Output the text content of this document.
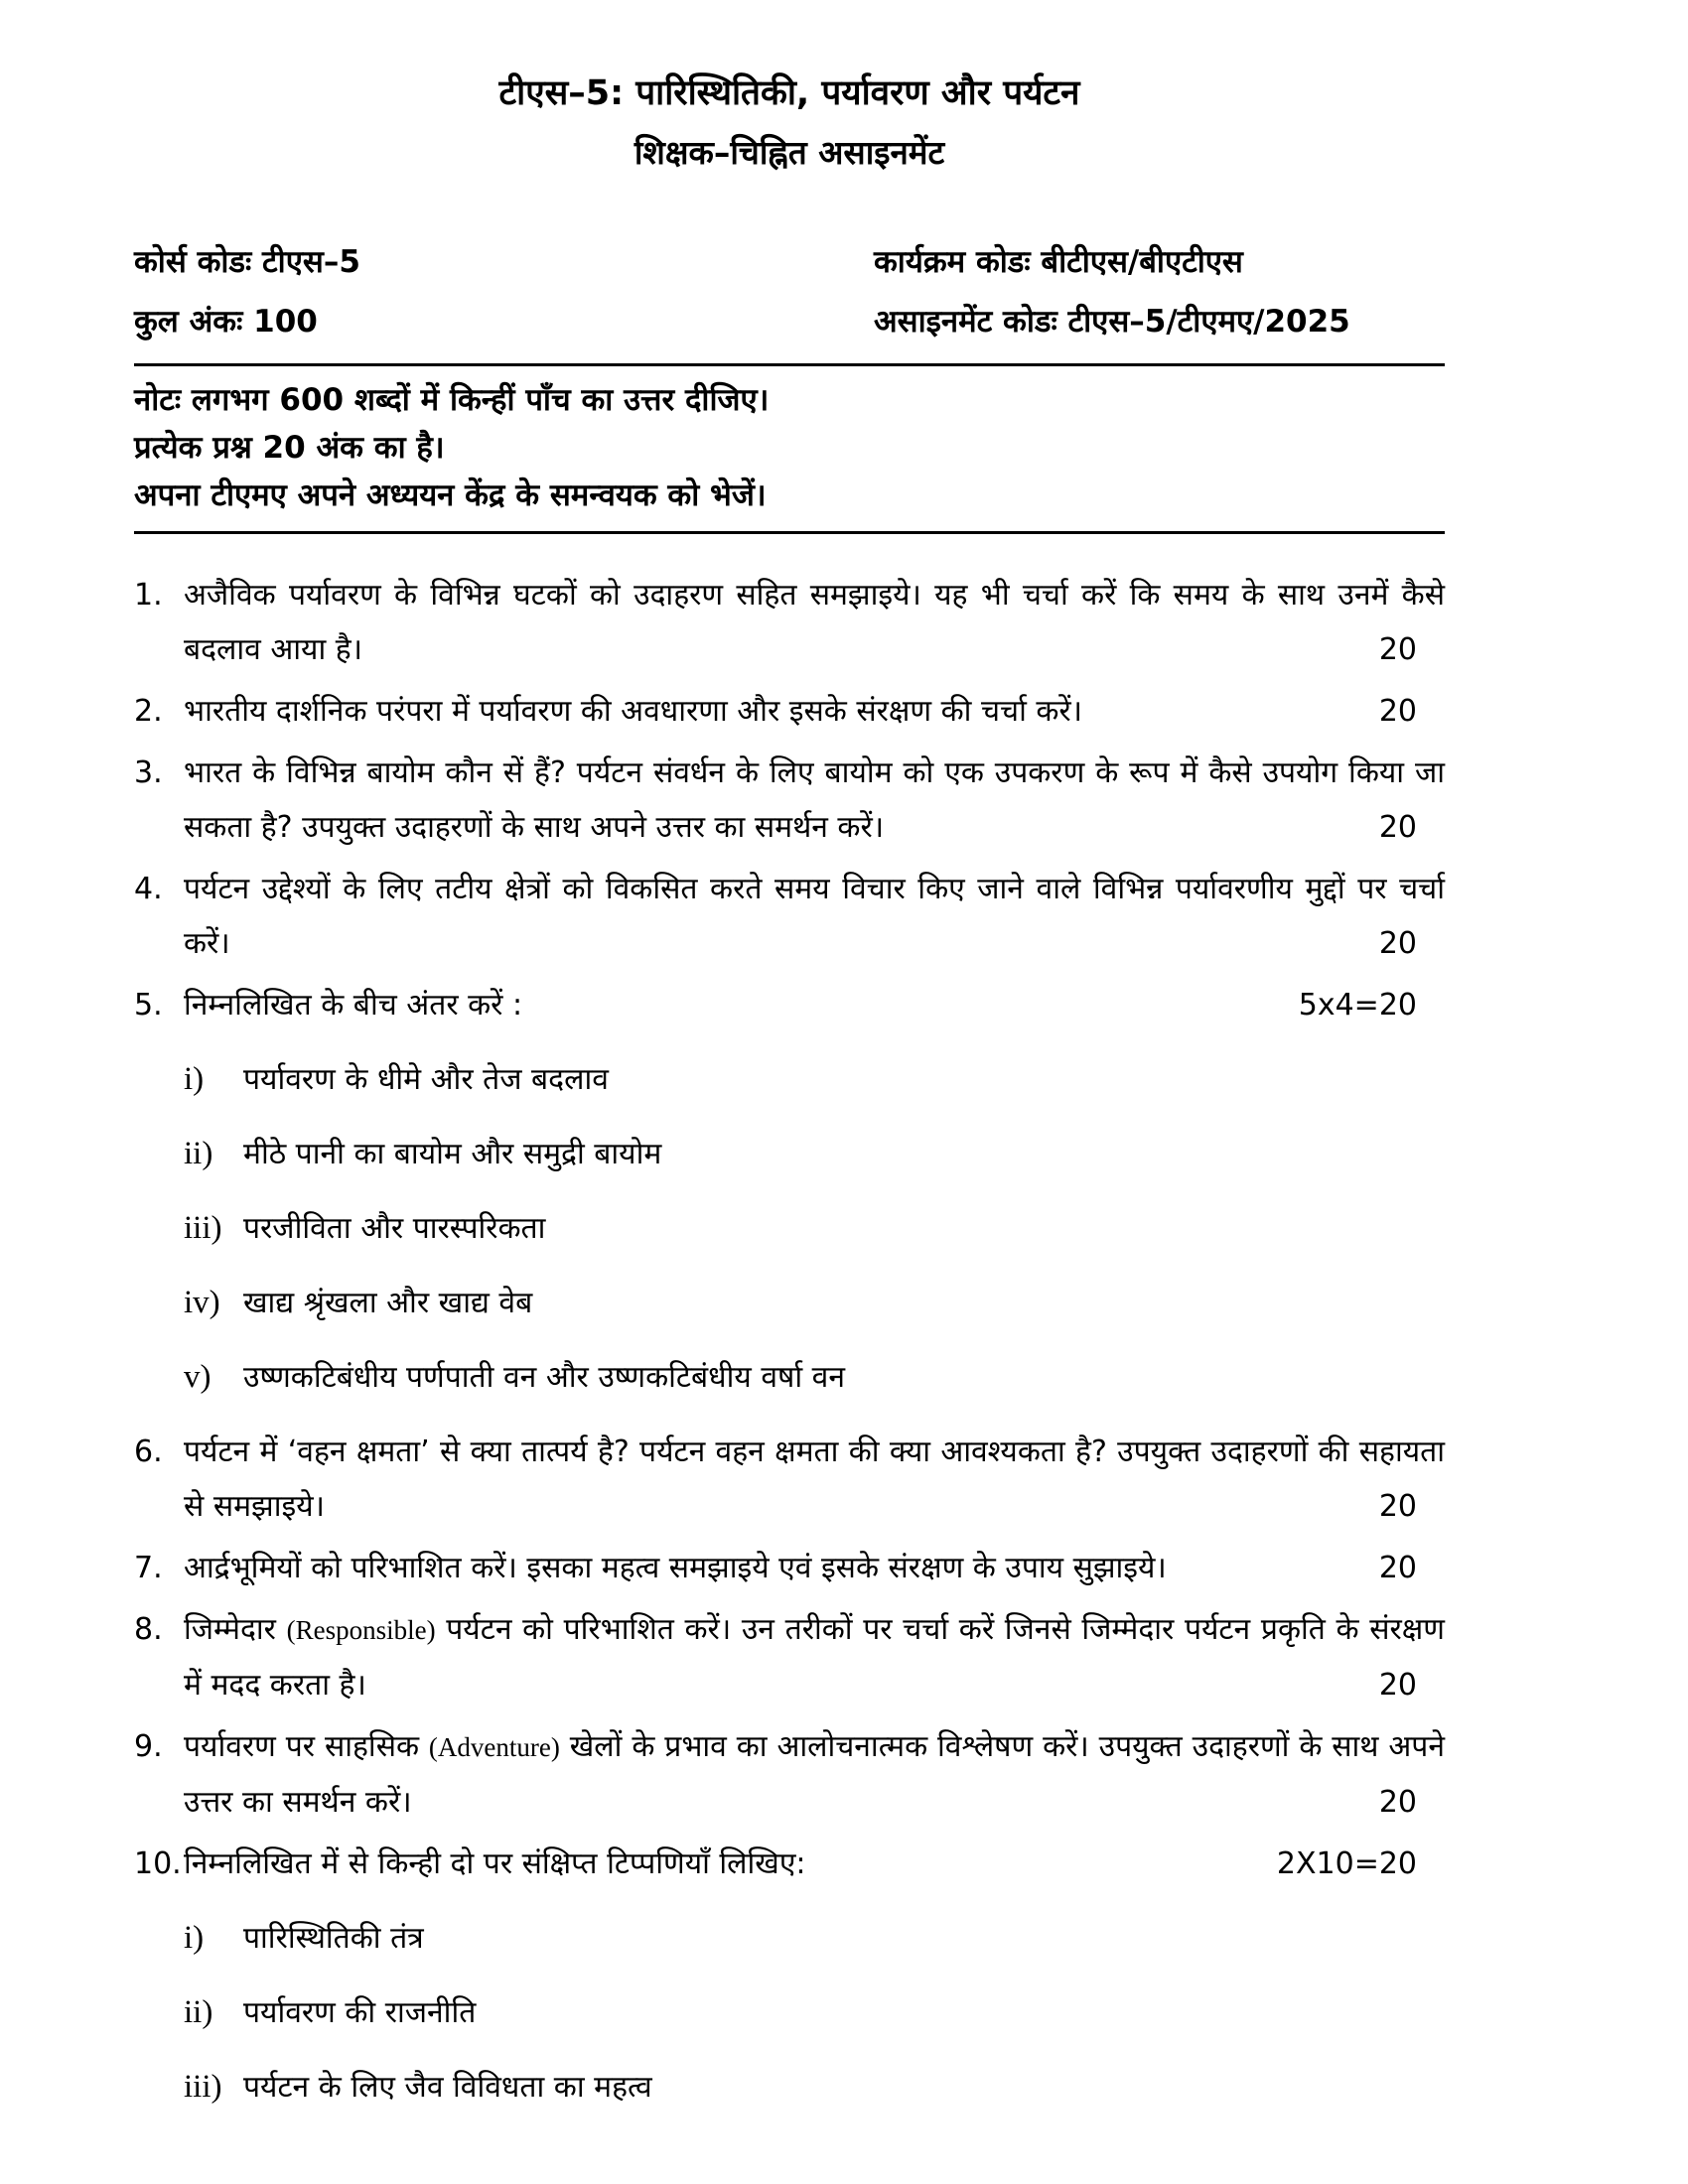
टीएस–5: पारिस्थितिकी, पर्यावरण और पर्यटन
शिक्षक–चिह्नित असाइनमेंट
कोर्स कोडः टीएस–5
कुल अंकः 100
कार्यक्रम कोडः बीटीएस/बीएटीएस
असाइनमेंट कोडः टीएस–5/टीएमए/2025

नोटः लगभग 600 शब्दों में किन्हीं पाँच का उत्तर दीजिए।

प्रत्येक प्रश्न 20 अंक का है।

अपना टीएमए अपने अध्ययन केंद्र के समन्वयक को भेजें।

1. अजैविक पर्यावरण के विभिन्न घटकों को उदाहरण सहित समझाइये। यह भी चर्चा करें कि समय के साथ उनमें कैसे बदलाव आया है।	20
2. भारतीय दार्शनिक परंपरा में पर्यावरण की अवधारणा और इसके संरक्षण की चर्चा करें।	20
3. भारत के विभिन्न बायोम कौन सें हैं? पर्यटन संवर्धन के लिए बायोम को एक उपकरण के रूप में कैसे उपयोग किया जा सकता है? उपयुक्त उदाहरणों के साथ अपने उत्तर का समर्थन करें।	20
4. पर्यटन उद्देश्यों के लिए तटीय क्षेत्रों को विकसित करते समय विचार किए जाने वाले विभिन्न पर्यावरणीय मुद्दों पर चर्चा करें।	20
5. निम्नलिखित के बीच अंतर करें :	5x4=20
i)	पर्यावरण के धीमे और तेज बदलाव
ii)	मीठे पानी का बायोम और समुद्री बायोम
iii) परजीविता और पारस्परिकता
iv) खाद्य श्रृंखला और खाद्य वेब
v)	उष्णकटिबंधीय पर्णपाती वन और उष्णकटिबंधीय वर्षा वन
6. पर्यटन में ‘वहन क्षमता’ से क्या तात्पर्य है? पर्यटन वहन क्षमता की क्या आवश्यकता है? उपयुक्त उदाहरणों की सहायता से समझाइये।	20
7. आर्द्रभूमियों को परिभाशित करें। इसका महत्व समझाइये एवं इसके संरक्षण के उपाय सुझाइये।	20
8. जिम्मेदार (Responsible) पर्यटन को परिभाशित करें। उन तरीकों पर चर्चा करें जिनसे जिम्मेदार पर्यटन प्रकृति के संरक्षण में मदद करता है।	20
9. पर्यावरण पर साहसिक (Adventure) खेलों के प्रभाव का आलोचनात्मक विश्लेषण करें। उपयुक्त उदाहरणों के साथ अपने उत्तर का समर्थन करें।	20
10. निम्नलिखित में से किन्ही दो पर संक्षिप्त टिप्पणियाँ लिखिए:	2X10=20
i)	पारिस्थितिकी तंत्र
ii)	पर्यावरण की राजनीति
iii) पर्यटन के लिए जैव विविधता का महत्व
